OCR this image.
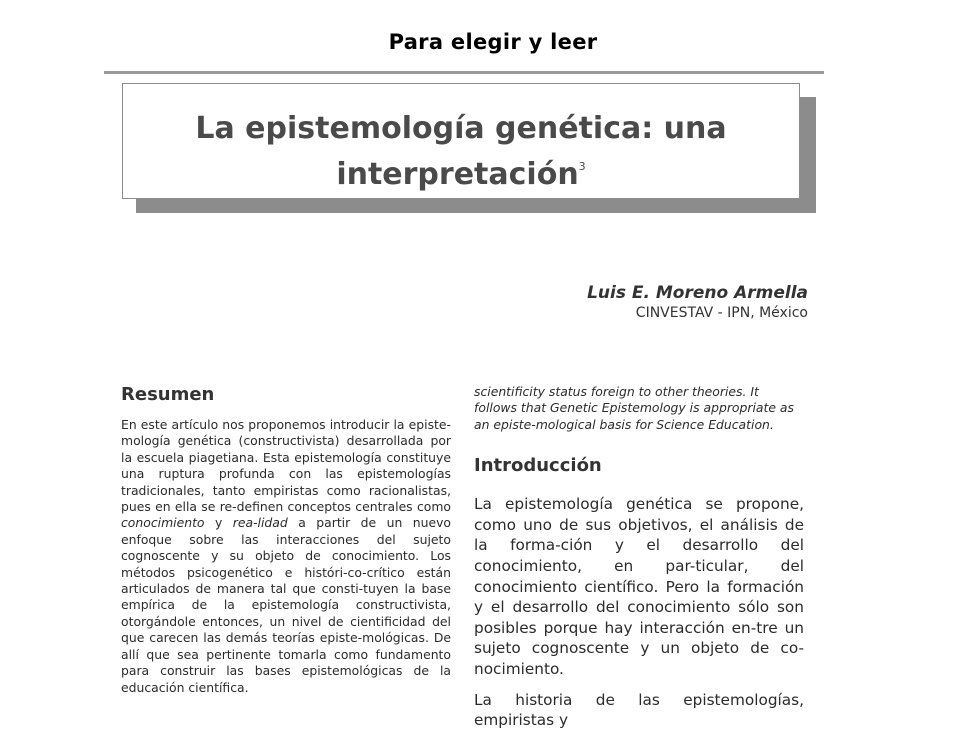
Para elegir y leer
La epistemología genética: una
interpretación$^3$
Luis E. Moreno Armella
CINVESTAV - IPN, México
Resumen

En este artículo nos proponemos introducir la episte-mología genética (constructivista) desarrollada por la escuela piagetiana. Esta epistemología constituye una ruptura profunda con las epistemologías tradicionales, tanto empiristas como racionalistas, pues en ella se re-definen conceptos centrales como conocimiento y rea-lidad a partir de un nuevo enfoque sobre las interacciones del sujeto cognoscente y su objeto de conocimiento. Los métodos psicogenético e históri-co-crítico están articulados de manera tal que consti-tuyen la base empírica de la epistemología constructivista, otorgándole entonces, un nivel de cientificidad del que carecen las demás teorías episte-mológicas. De allí que sea pertinente tomarla como fundamento para construir las bases epistemológicas de la educación científica.

scientificity status foreign to other theories. It follows that Genetic Epistemology is appropriate as an episte-mological basis for Science Education.

Introducción

La epistemología genética se propone, como uno de sus objetivos, el análisis de la forma-ción y el desarrollo del conocimiento, en par-ticular, del conocimiento científico. Pero la formación y el desarrollo del conocimiento sólo son posibles porque hay interacción en-tre un sujeto cognoscente y un objeto de co-nocimiento.

La historia de las epistemologías, empiristas y
